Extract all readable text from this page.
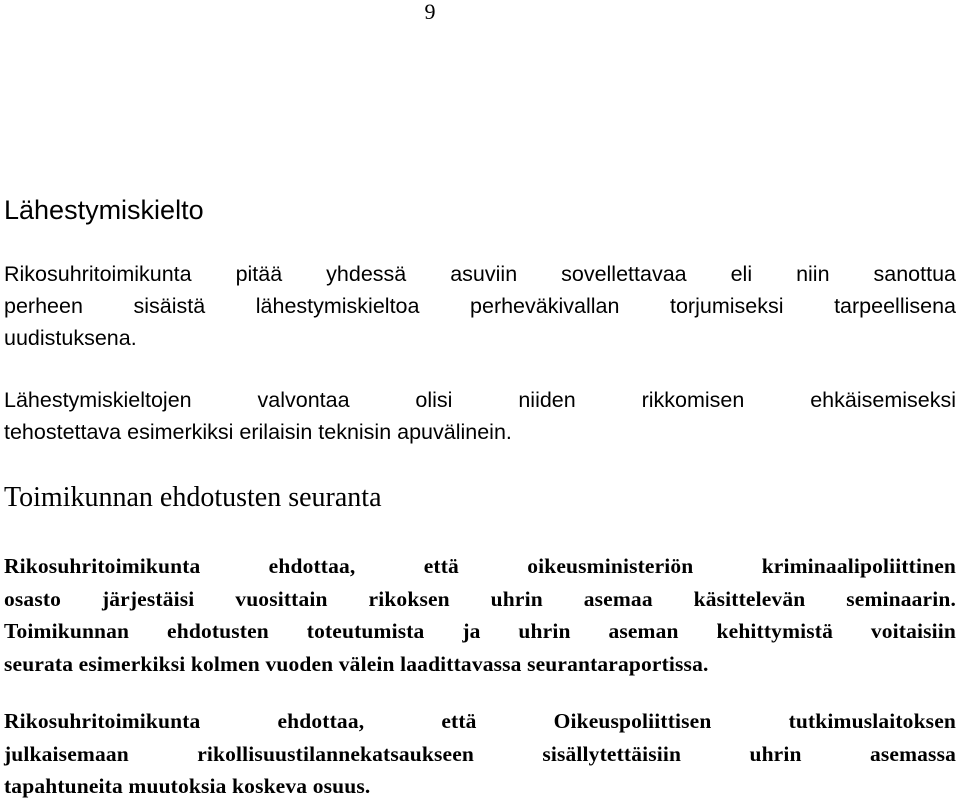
9
Lähestymiskielto

Rikosuhritoimikunta pitää yhdessä asuviin sovellettavaa eli niin sanottua
perheen sisäistä lähestymiskieltoa perheväkivallan torjumiseksi tarpeellisena
uudistuksena.

Lähestymiskieltojen valvontaa olisi niiden rikkomisen ehkäisemiseksi
tehostettava esimerkiksi erilaisin teknisin apuvälinein.

Toimikunnan ehdotusten seuranta

Rikosuhritoimikunta ehdottaa, että oikeusministeriön kriminaalipoliittinen
osasto järjestäisi vuosittain rikoksen uhrin asemaa käsittelevän seminaarin.
Toimikunnan ehdotusten toteutumista ja uhrin aseman kehittymistä voitaisiin
seurata esimerkiksi kolmen vuoden välein laadittavassa seurantaraportissa.

Rikosuhritoimikunta ehdottaa, että Oikeuspoliittisen tutkimuslaitoksen
julkaisemaan rikollisuustilannekatsaukseen sisällytettäisiin uhrin asemassa
tapahtuneita muutoksia koskeva osuus.
